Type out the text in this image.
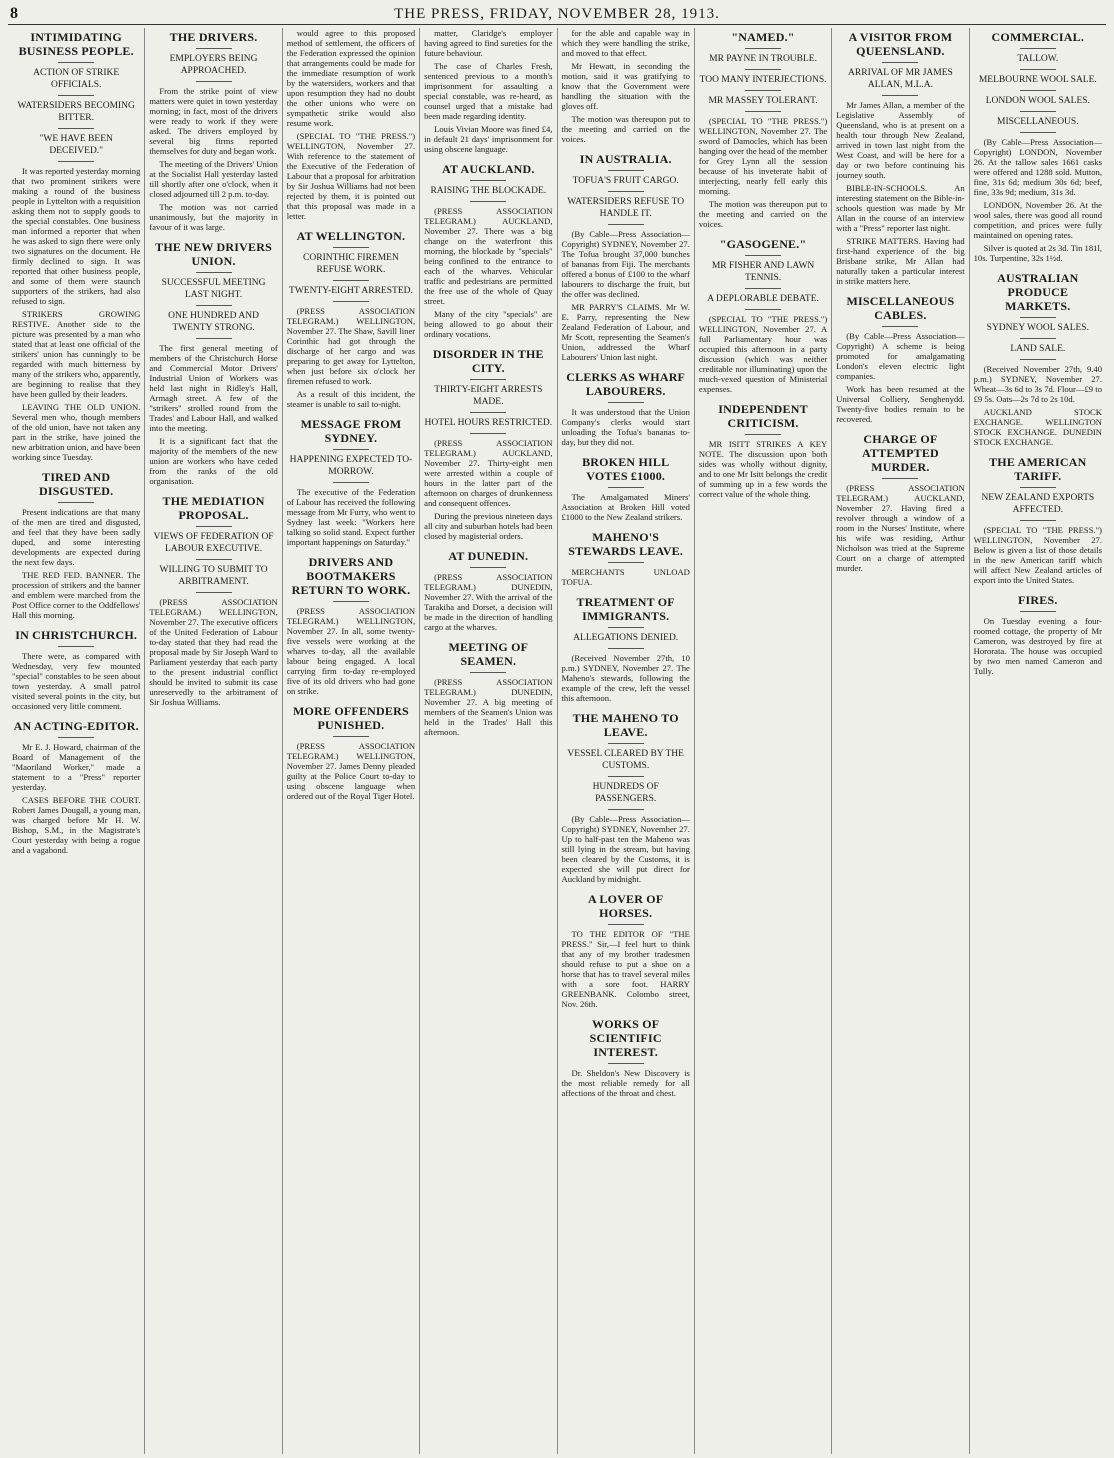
8	THE PRESS, FRIDAY, NOVEMBER 28, 1913.
INTIMIDATING BUSINESS PEOPLE.
ACTION OF STRIKE OFFICIALS.
WATERSIDERS BECOMING BITTER.
"WE HAVE BEEN DECEIVED."

It was reported yesterday morning that two prominent strikers were making a round of the business people in Lyttelton with a requisition asking them not to supply goods to the special constables. One business man informed a reporter that when he was asked to sign there were only two signatures on the document. He firmly declined to sign. It was reported that other business people, and some of them were staunch supporters of the strikers, had also refused to sign.

STRIKERS GROWING RESTIVE. Another side to the picture was presented by a man who stated that at least one official of the strikers' union has cunningly to be regarded with much bitterness by many of the strikers who, apparently, are beginning to realise that they have been gulled by their leaders.

LEAVING THE OLD UNION. Several men who, though members of the old union, have not taken any part in the strike, have joined the new arbitration union, and have been working since Tuesday.

TIRED AND DISGUSTED.

Present indications are that many of the men are tired and disgusted, and feel that they have been sadly duped, and some interesting developments are expected during the next few days.

THE RED FED. BANNER. The procession of strikers and the banner and emblem were marched from the Post Office corner to the Oddfellows' Hall this morning.

IN CHRISTCHURCH.

There were, as compared with Wednesday, very few mounted "special" constables to be seen about town yesterday. A small patrol visited several points in the city, but occasioned very little comment.

AN ACTING-EDITOR.

Mr E. J. Howard, chairman of the Board of Management of the "Maoriland Worker," made a statement to a "Press" reporter yesterday.

CASES BEFORE THE COURT. Robert James Dougall, a young man, was charged before Mr H. W. Bishop, S.M., in the Magistrate's Court yesterday with being a rogue and a vagabond.

THE DRIVERS.
EMPLOYERS BEING APPROACHED.

From the strike point of view matters were quiet in town yesterday morning; in fact, most of the drivers were ready to work if they were asked. The drivers employed by several big firms reported themselves for duty and began work.

The meeting of the Drivers' Union at the Socialist Hall yesterday lasted till shortly after one o'clock, when it closed adjourned till 2 p.m. to-day.

The motion was not carried unanimously, but the majority in favour of it was large.

THE NEW DRIVERS UNION.
SUCCESSFUL MEETING LAST NIGHT.
ONE HUNDRED AND TWENTY STRONG.

The first general meeting of members of the Christchurch Horse and Commercial Motor Drivers' Industrial Union of Workers was held last night in Ridley's Hall, Armagh street. A few of the "strikers" strolled round from the Trades' and Labour Hall, and walked into the meeting.

It is a significant fact that the majority of the members of the new union are workers who have ceded from the ranks of the old organisation.

THE MEDIATION PROPOSAL.
VIEWS OF FEDERATION OF LABOUR EXECUTIVE.
WILLING TO SUBMIT TO ARBITRAMENT.

(PRESS ASSOCIATION TELEGRAM.) WELLINGTON, November 27. The executive officers of the United Federation of Labour to-day stated that they had read the proposal made by Sir Joseph Ward to Parliament yesterday that each party to the present industrial conflict should be invited to submit its case unreservedly to the arbitrament of Sir Joshua Williams.

would agree to this proposed method of settlement, the officers of the Federation expressed the opinion that arrangements could be made for the immediate resumption of work by the watersiders, workers and that upon resumption they had no doubt the other unions who were on sympathetic strike would also resume work.

(SPECIAL TO "THE PRESS.") WELLINGTON, November 27. With reference to the statement of the Executive of the Federation of Labour that a proposal for arbitration by Sir Joshua Williams had not been rejected by them, it is pointed out that this proposal was made in a letter.

AT WELLINGTON.
CORINTHIC FIREMEN REFUSE WORK.
TWENTY-EIGHT ARRESTED.

(PRESS ASSOCIATION TELEGRAM.) WELLINGTON, November 27. The Shaw, Savill liner Corinthic had got through the discharge of her cargo and was preparing to get away for Lyttelton, when just before six o'clock her firemen refused to work.

As a result of this incident, the steamer is unable to sail to-night.

MESSAGE FROM SYDNEY.
HAPPENING EXPECTED TO-MORROW.

The executive of the Federation of Labour has received the following message from Mr Furry, who went to Sydney last week: "Workers here talking so solid stand. Expect further important happenings on Saturday."

DRIVERS AND BOOTMAKERS RETURN TO WORK.

(PRESS ASSOCIATION TELEGRAM.) WELLINGTON, November 27. In all, some twenty-five vessels were working at the wharves to-day, all the available labour being engaged. A local carrying firm to-day re-employed five of its old drivers who had gone on strike.

MORE OFFENDERS PUNISHED.

(PRESS ASSOCIATION TELEGRAM.) WELLINGTON, November 27. James Denny pleaded guilty at the Police Court to-day to using obscene language when ordered out of the Royal Tiger Hotel.

matter, Claridge's employer having agreed to find sureties for the future behaviour.

The case of Charles Fresh, sentenced previous to a month's imprisonment for assaulting a special constable, was re-heard, as counsel urged that a mistake had been made regarding identity.

Louis Vivian Moore was fined £4, in default 21 days' imprisonment for using obscene language.

AT AUCKLAND.
RAISING THE BLOCKADE.

(PRESS ASSOCIATION TELEGRAM.) AUCKLAND, November 27. There was a big change on the waterfront this morning, the blockade by "specials" being confined to the entrance to each of the wharves. Vehicular traffic and pedestrians are permitted the free use of the whole of Quay street.

Many of the city "specials" are being allowed to go about their ordinary vocations.

DISORDER IN THE CITY.
THIRTY-EIGHT ARRESTS MADE.
HOTEL HOURS RESTRICTED.

(PRESS ASSOCIATION TELEGRAM.) AUCKLAND, November 27. Thirty-eight men were arrested within a couple of hours in the latter part of the afternoon on charges of drunkenness and consequent offences.

During the previous nineteen days all city and suburban hotels had been closed by magisterial orders.

AT DUNEDIN.

(PRESS ASSOCIATION TELEGRAM.) DUNEDIN, November 27. With the arrival of the Tarakiha and Dorset, a decision will be made in the direction of handling cargo at the wharves.

MEETING OF SEAMEN.

(PRESS ASSOCIATION TELEGRAM.) DUNEDIN, November 27. A big meeting of members of the Seamen's Union was held in the Trades' Hall this afternoon.

for the able and capable way in which they were handling the strike, and moved to that effect.

Mr Hewatt, in seconding the motion, said it was gratifying to know that the Government were handling the situation with the gloves off.

The motion was thereupon put to the meeting and carried on the voices.

IN AUSTRALIA.
TOFUA'S FRUIT CARGO.
WATERSIDERS REFUSE TO HANDLE IT.

(By Cable—Press Association—Copyright) SYDNEY, November 27. The Tofua brought 37,000 bunches of bananas from Fiji. The merchants offered a bonus of £100 to the wharf labourers to discharge the fruit, but the offer was declined.

MR PARRY'S CLAIMS. Mr W. E. Parry, representing the New Zealand Federation of Labour, and Mr Scott, representing the Seamen's Union, addressed the Wharf Labourers' Union last night.

CLERKS AS WHARF LABOURERS.

It was understood that the Union Company's clerks would start unloading the Tofua's bananas to-day, but they did not.

BROKEN HILL VOTES £1000.

The Amalgamated Miners' Association at Broken Hill voted £1000 to the New Zealand strikers.

MAHENO'S STEWARDS LEAVE.

MERCHANTS UNLOAD TOFUA.

TREATMENT OF IMMIGRANTS.
ALLEGATIONS DENIED.

(Received November 27th, 10 p.m.) SYDNEY, November 27. The Maheno's stewards, following the example of the crew, left the vessel this afternoon.

THE MAHENO TO LEAVE.
VESSEL CLEARED BY THE CUSTOMS.
HUNDREDS OF PASSENGERS.

(By Cable—Press Association—Copyright) SYDNEY, November 27. Up to half-past ten the Maheno was still lying in the stream, but having been cleared by the Customs, it is expected she will put direct for Auckland by midnight.

A LOVER OF HORSES.

TO THE EDITOR OF "THE PRESS." Sir,—I feel hurt to think that any of my brother tradesmen should refuse to put a shoe on a horse that has to travel several miles with a sore foot. HARRY GREENBANK. Colombo street, Nov. 26th.

WORKS OF SCIENTIFIC INTEREST.

Dr. Sheldon's New Discovery is the most reliable remedy for all affections of the throat and chest.

"NAMED."
MR PAYNE IN TROUBLE.
TOO MANY INTERJECTIONS.
MR MASSEY TOLERANT.

(SPECIAL TO "THE PRESS.") WELLINGTON, November 27. The sword of Damocles, which has been hanging over the head of the member for Grey Lynn all the session because of his inveterate habit of interjecting, nearly fell early this morning.

The motion was thereupon put to the meeting and carried on the voices.

"GASOGENE."
MR FISHER AND LAWN TENNIS.
A DEPLORABLE DEBATE.

(SPECIAL TO "THE PRESS.") WELLINGTON, November 27. A full Parliamentary hour was occupied this afternoon in a party discussion (which was neither creditable nor illuminating) upon the much-vexed question of Ministerial expenses.

INDEPENDENT CRITICISM.

MR ISITT STRIKES A KEY NOTE. The discussion upon both sides was wholly without dignity, and to one Mr Isitt belongs the credit of summing up in a few words the correct value of the whole thing.

A VISITOR FROM QUEENSLAND.
ARRIVAL OF MR JAMES ALLAN, M.L.A.

Mr James Allan, a member of the Legislative Assembly of Queensland, who is at present on a health tour through New Zealand, arrived in town last night from the West Coast, and will be here for a day or two before continuing his journey south.

BIBLE-IN-SCHOOLS. An interesting statement on the Bible-in-schools question was made by Mr Allan in the course of an interview with a "Press" reporter last night.

STRIKE MATTERS. Having had first-hand experience of the big Brisbane strike, Mr Allan had naturally taken a particular interest in strike matters here.

MISCELLANEOUS CABLES.

(By Cable—Press Association—Copyright) A scheme is being promoted for amalgamating London's eleven electric light companies.

Work has been resumed at the Universal Colliery, Senghenydd. Twenty-five bodies remain to be recovered.

CHARGE OF ATTEMPTED MURDER.

(PRESS ASSOCIATION TELEGRAM.) AUCKLAND, November 27. Having fired a revolver through a window of a room in the Nurses' Institute, where his wife was residing, Arthur Nicholson was tried at the Supreme Court on a charge of attempted murder.

COMMERCIAL.
TALLOW.
MELBOURNE WOOL SALE.
LONDON WOOL SALES.
MISCELLANEOUS.

(By Cable—Press Association—Copyright) LONDON, November 26. At the tallow sales 1661 casks were offered and 1288 sold. Mutton, fine, 31s 6d; medium 30s 6d; beef, fine, 33s 9d; medium, 31s 3d.

LONDON, November 26. At the wool sales, there was good all round competition, and prices were fully maintained on opening rates.

Silver is quoted at 2s 3d. Tin 181l, 10s. Turpentine, 32s 1½d.

AUSTRALIAN PRODUCE MARKETS.
SYDNEY WOOL SALES.
LAND SALE.

(Received November 27th, 9.40 p.m.) SYDNEY, November 27. Wheat—3s 6d to 3s 7d. Flour—£9 to £9 5s. Oats—2s 7d to 2s 10d.

AUCKLAND STOCK EXCHANGE. WELLINGTON STOCK EXCHANGE. DUNEDIN STOCK EXCHANGE.

THE AMERICAN TARIFF.
NEW ZEALAND EXPORTS AFFECTED.

(SPECIAL TO "THE PRESS.") WELLINGTON, November 27. Below is given a list of those details in the new American tariff which will affect New Zealand articles of export into the United States.

FIRES.

On Tuesday evening a four-roomed cottage, the property of Mr Cameron, was destroyed by fire at Hororata. The house was occupied by two men named Cameron and Tully.
